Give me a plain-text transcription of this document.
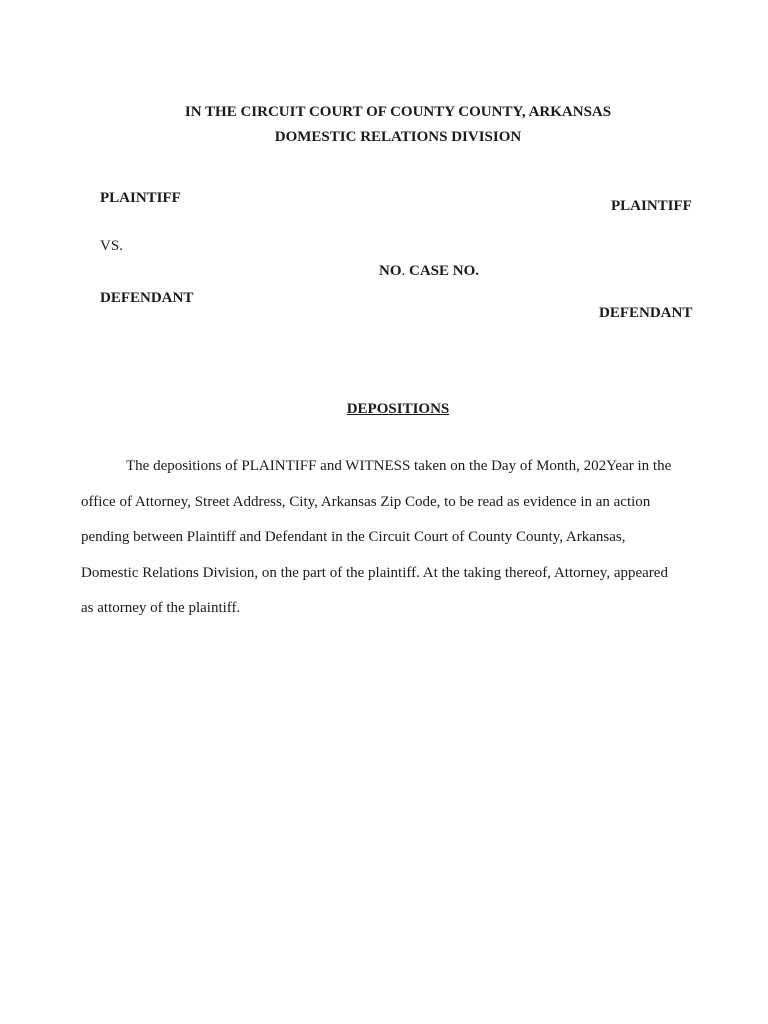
IN THE CIRCUIT COURT OF COUNTY COUNTY, ARKANSAS
DOMESTIC RELATIONS DIVISION
PLAINTIFF	PLAINTIFF
VS.
NO. CASE NO.
DEFENDANT
DEFENDANT
DEPOSITIONS
The depositions of PLAINTIFF and WITNESS taken on the Day of Month, 202Year in the
office of Attorney, Street Address, City, Arkansas Zip Code, to be read as evidence in an action
pending between Plaintiff and Defendant in the Circuit Court of County County, Arkansas,
Domestic Relations Division, on the part of the plaintiff. At the taking thereof, Attorney, appeared
as attorney of the plaintiff.
